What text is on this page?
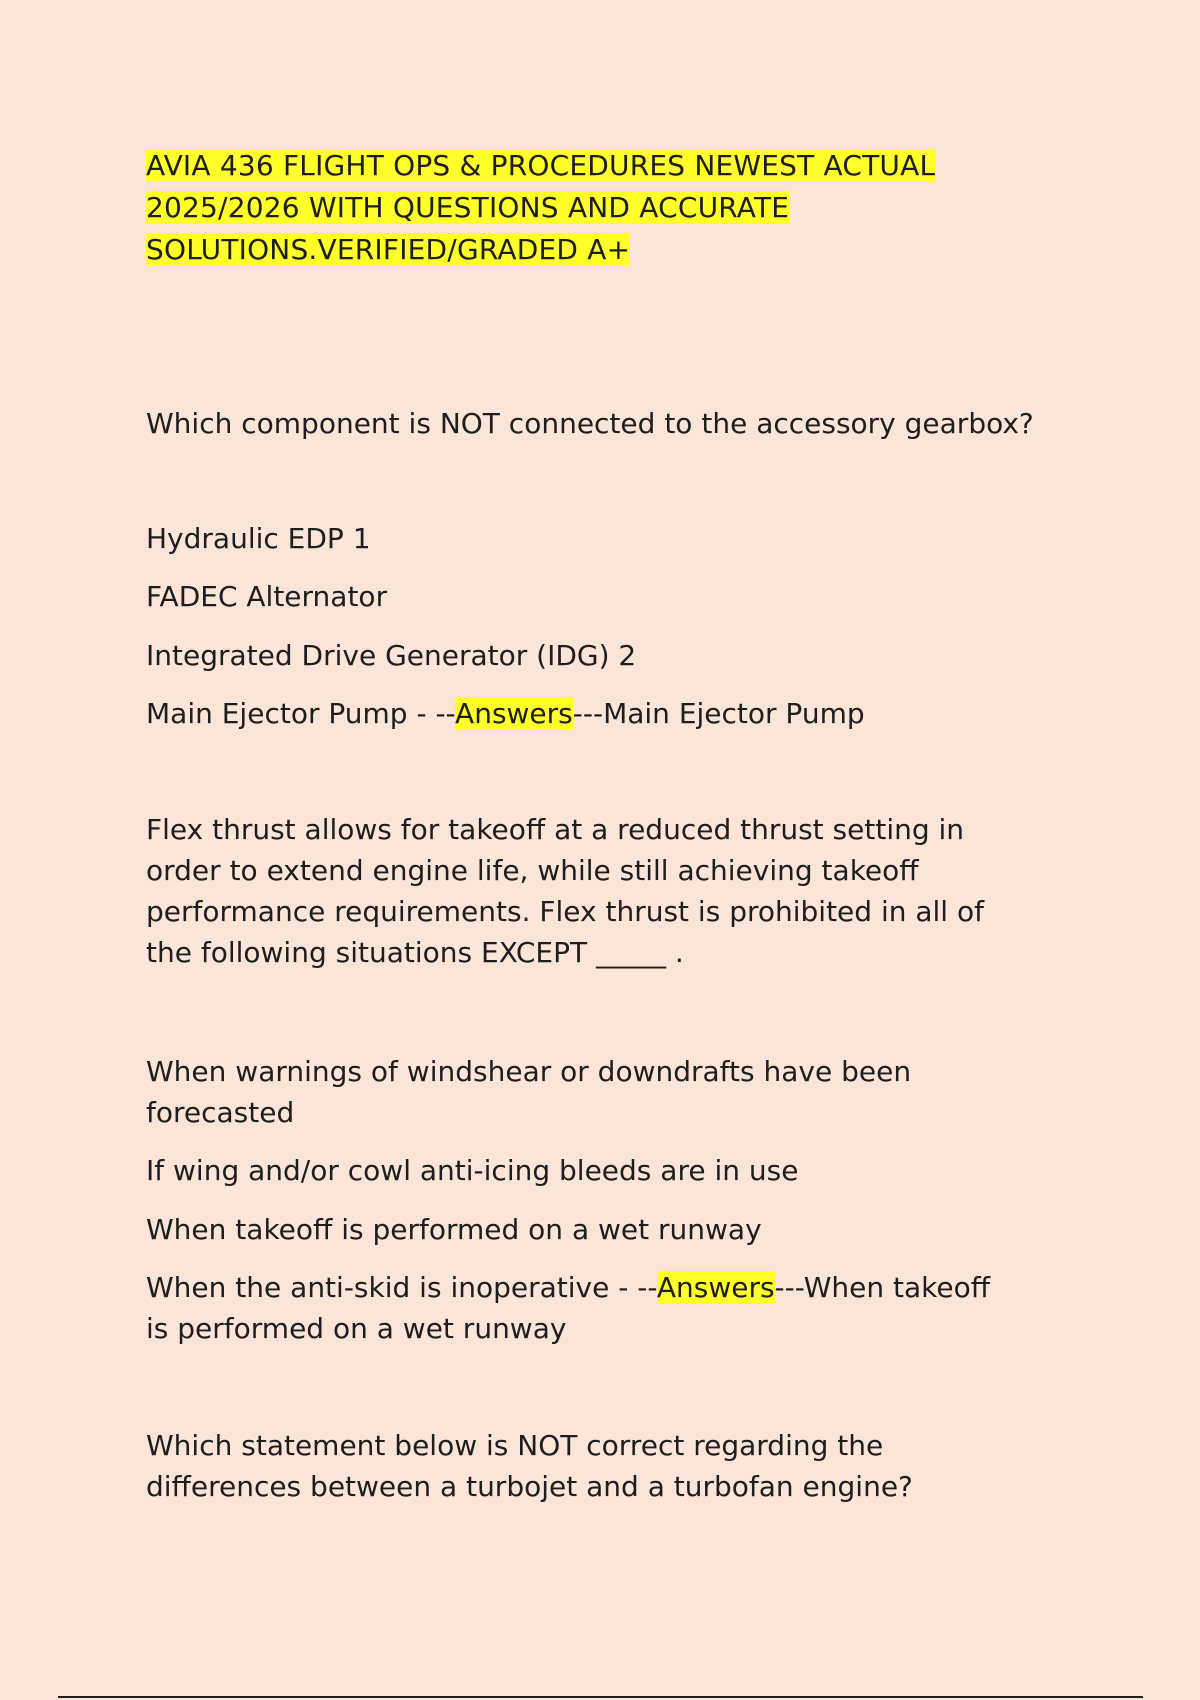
AVIA 436 FLIGHT OPS & PROCEDURES NEWEST ACTUAL
2025/2026 WITH QUESTIONS AND ACCURATE
SOLUTIONS.VERIFIED/GRADED A+

Which component is NOT connected to the accessory gearbox?

Hydraulic EDP 1

FADEC Alternator

Integrated Drive Generator (IDG) 2

Main Ejector Pump - --Answers---Main Ejector Pump

Flex thrust allows for takeoff at a reduced thrust setting in
order to extend engine life, while still achieving takeoff
performance requirements. Flex thrust is prohibited in all of
the following situations EXCEPT _____ .

When warnings of windshear or downdrafts have been
forecasted

If wing and/or cowl anti-icing bleeds are in use

When takeoff is performed on a wet runway

When the anti-skid is inoperative - --Answers---When takeoff
is performed on a wet runway

Which statement below is NOT correct regarding the
differences between a turbojet and a turbofan engine?
